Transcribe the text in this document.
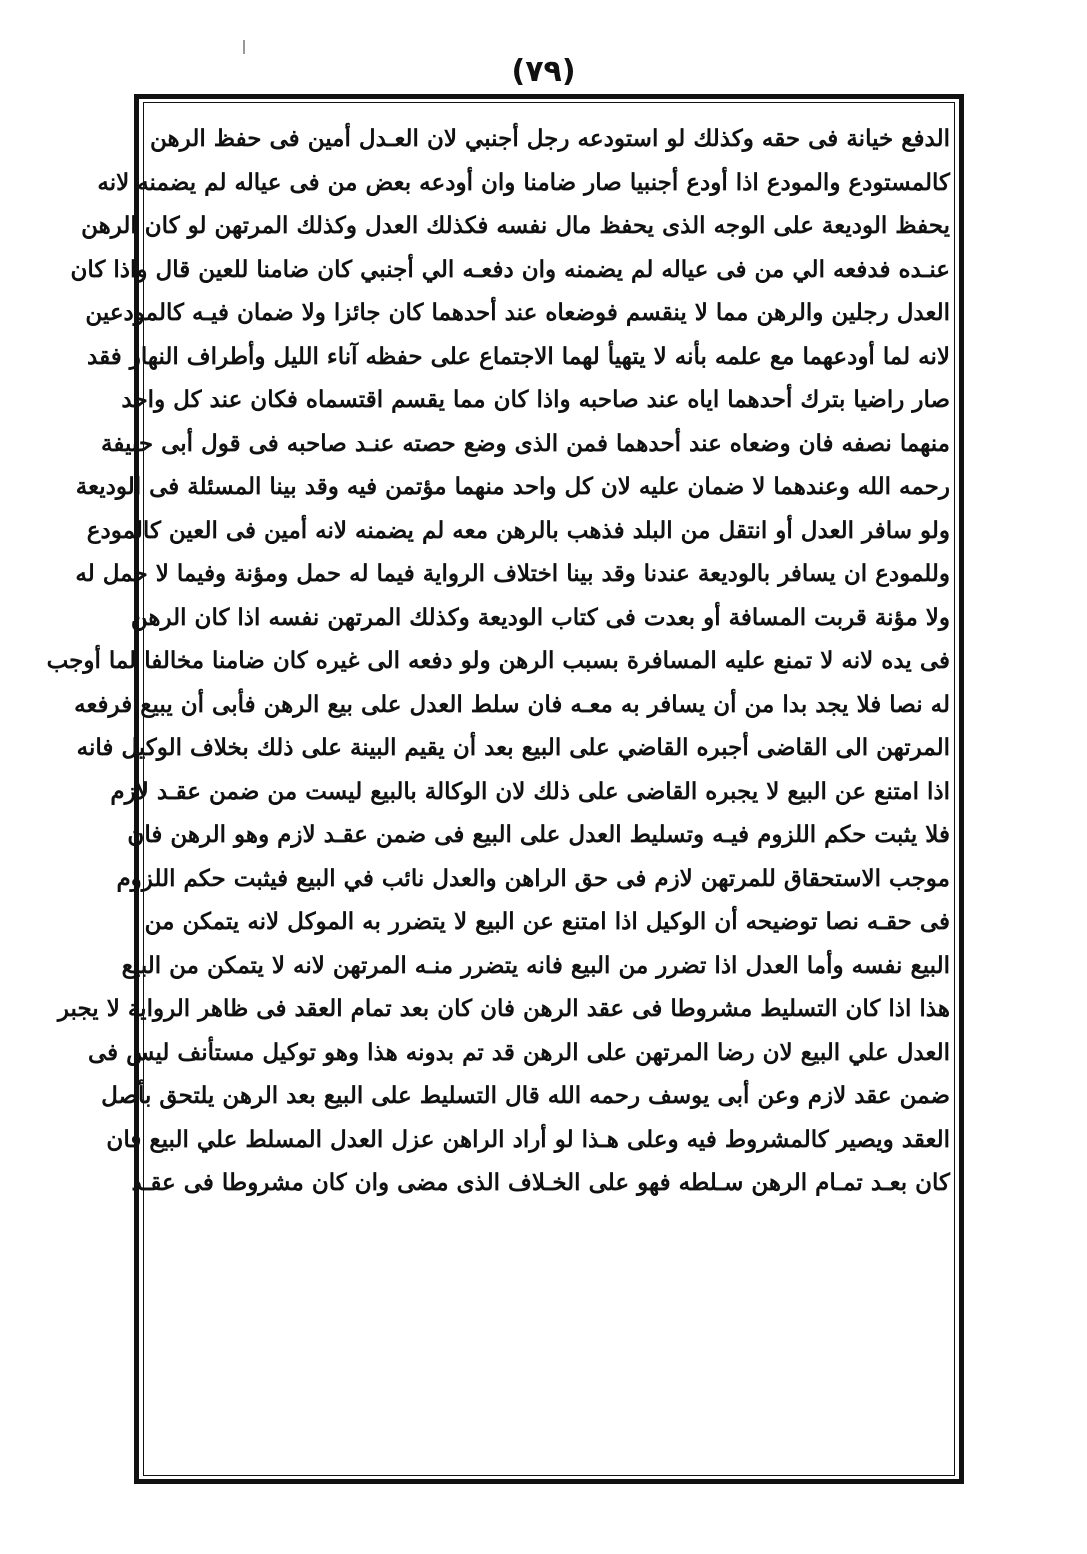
(٧٩)
الدفع خيانة فى حقه وكذلك لو استودعه رجل أجنبي لان العـدل أمين فى حفظ الرهن
كالمستودع والمودع اذا أودع أجنبيا صار ضامنا وان أودعه بعض من فى عياله لم يضمنه لانه
يحفظ الوديعة على الوجه الذى يحفظ مال نفسه فكذلك العدل وكذلك المرتهن لو كان الرهن
عنـده فدفعه الي من فى عياله لم يضمنه وان دفعـه الي أجنبي كان ضامنا للعين قال واذا كان
العدل رجلين والرهن مما لا ينقسم فوضعاه عند أحدهما كان جائزا ولا ضمان فيـه كالمودعين
لانه لما أودعهما مع علمه بأنه لا يتهيأ لهما الاجتماع على حفظه آناء الليل وأطراف النهار فقد
صار راضيا بترك أحدهما اياه عند صاحبه واذا كان مما يقسم اقتسماه فكان عند كل واحد
منهما نصفه فان وضعاه عند أحدهما فمن الذى وضع حصته عنـد صاحبه فى قول أبى حنيفة
رحمه الله وعندهما لا ضمان عليه لان كل واحد منهما مؤتمن فيه وقد بينا المسئلة فى الوديعة
ولو سافر العدل أو انتقل من البلد فذهب بالرهن معه لم يضمنه لانه أمين فى العين كالمودع
وللمودع ان يسافر بالوديعة عندنا وقد بينا اختلاف الرواية فيما له حمل ومؤنة وفيما لا حمل له
ولا مؤنة قربت المسافة أو بعدت فى كتاب الوديعة وكذلك المرتهن نفسه اذا كان الرهن
فى يده لانه لا تمنع عليه المسافرة بسبب الرهن ولو دفعه الى غيره كان ضامنا مخالفا لما أوجب
له نصا فلا يجد بدا من أن يسافر به معـه فان سلط العدل على بيع الرهن فأبى أن يبيع فرفعه
المرتهن الى القاضى أجبره القاضي على البيع بعد أن يقيم البينة على ذلك بخلاف الوكيل فانه
اذا امتنع عن البيع لا يجبره القاضى على ذلك لان الوكالة بالبيع ليست من ضمن عقـد لازم
فلا يثبت حكم اللزوم فيـه وتسليط العدل على البيع فى ضمن عقـد لازم وهو الرهن فان
موجب الاستحقاق للمرتهن لازم فى حق الراهن والعدل نائب في البيع فيثبت حكم اللزوم
فى حقـه نصا توضيحه أن الوكيل اذا امتنع عن البيع لا يتضرر به الموكل لانه يتمكن من
البيع نفسه وأما العدل اذا تضرر من البيع فانه يتضرر منـه المرتهن لانه لا يتمكن من البيع
هذا اذا كان التسليط مشروطا فى عقد الرهن فان كان بعد تمام العقد فى ظاهر الرواية لا يجبر
العدل علي البيع لان رضا المرتهن على الرهن قد تم بدونه هذا وهو توكيل مستأنف ليس فى
ضمن عقد لازم وعن أبى يوسف رحمه الله قال التسليط على البيع بعد الرهن يلتحق بأصل
العقد ويصير كالمشروط فيه وعلى هـذا لو أراد الراهن عزل العدل المسلط علي البيع فان
كان بعـد تمـام الرهن سـلطه فهو على الخـلاف الذى مضى وان كان مشروطا فى عقـد
